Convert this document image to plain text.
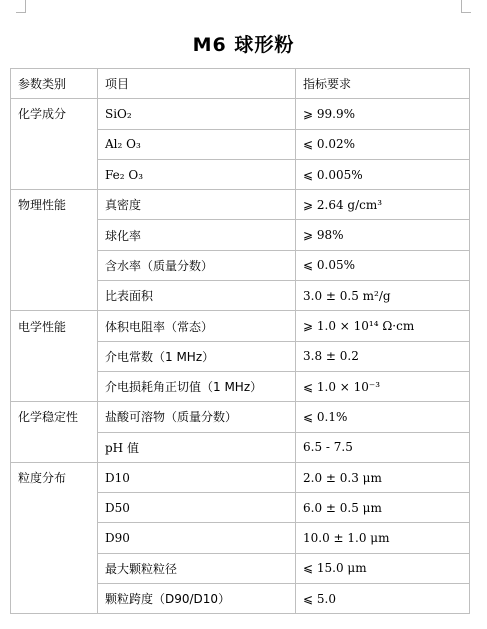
M6 球形粉
参数类别	项目	指标要求
化学成分	SiO₂	⩾ 99.9%
	Al₂ O₃	⩽ 0.02%
	Fe₂ O₃	⩽ 0.005%
物理性能	真密度	⩾ 2.64 g/cm³
	球化率	⩾ 98%
	含水率（质量分数）	⩽ 0.05%
	比表面积	3.0 ± 0.5 m²/g
电学性能	体积电阻率（常态）	⩾ 1.0 × 10¹⁴ Ω·cm
	介电常数（1 MHz）	3.8 ± 0.2
	介电损耗角正切值（1 MHz）	⩽ 1.0 × 10⁻³
化学稳定性	盐酸可溶物（质量分数）	⩽ 0.1%
	pH 值	6.5 - 7.5
粒度分布	D10	2.0 ± 0.3 μm
	D50	6.0 ± 0.5 μm
	D90	10.0 ± 1.0 μm
	最大颗粒粒径	⩽ 15.0 μm
	颗粒跨度（D90/D10）	⩽ 5.0
